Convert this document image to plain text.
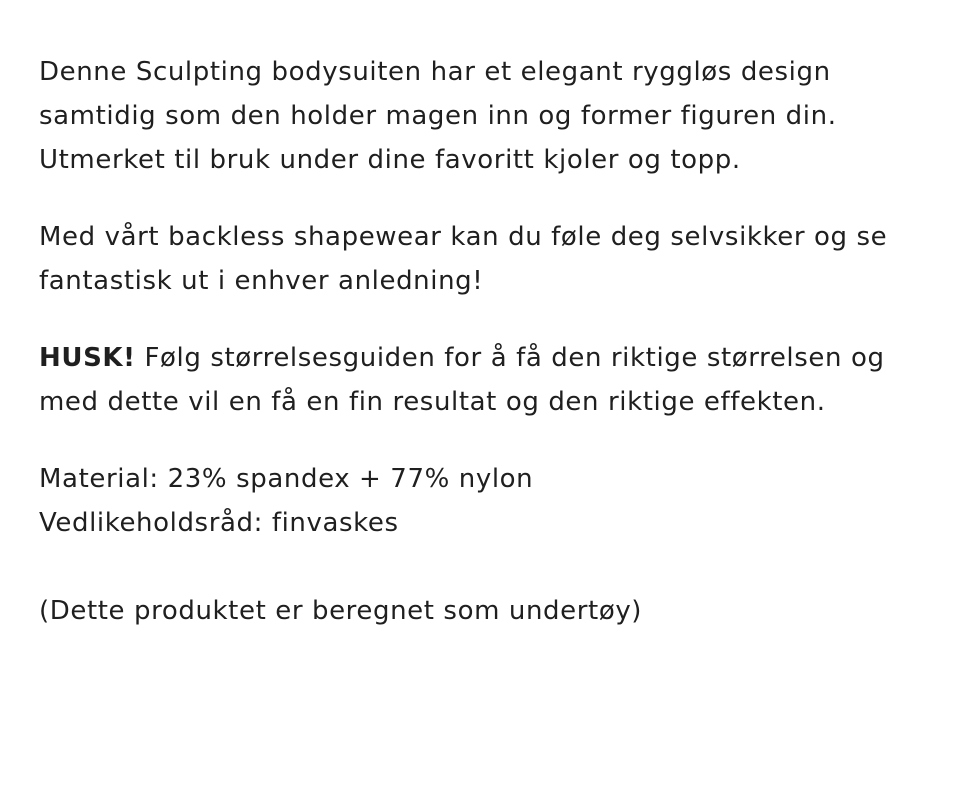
Denne Sculpting bodysuiten har et elegant ryggløs design samtidig som den holder magen inn og former figuren din. Utmerket til bruk under dine favoritt kjoler og topp.

Med vårt backless shapewear kan du føle deg selvsikker og se fantastisk ut i enhver anledning!

HUSK! Følg størrelsesguiden for å få den riktige størrelsen og med dette vil en få en fin resultat og den riktige effekten.

Material: 23% spandex + 77% nylon
Vedlikeholdsråd: finvaskes

(Dette produktet er beregnet som undertøy)
